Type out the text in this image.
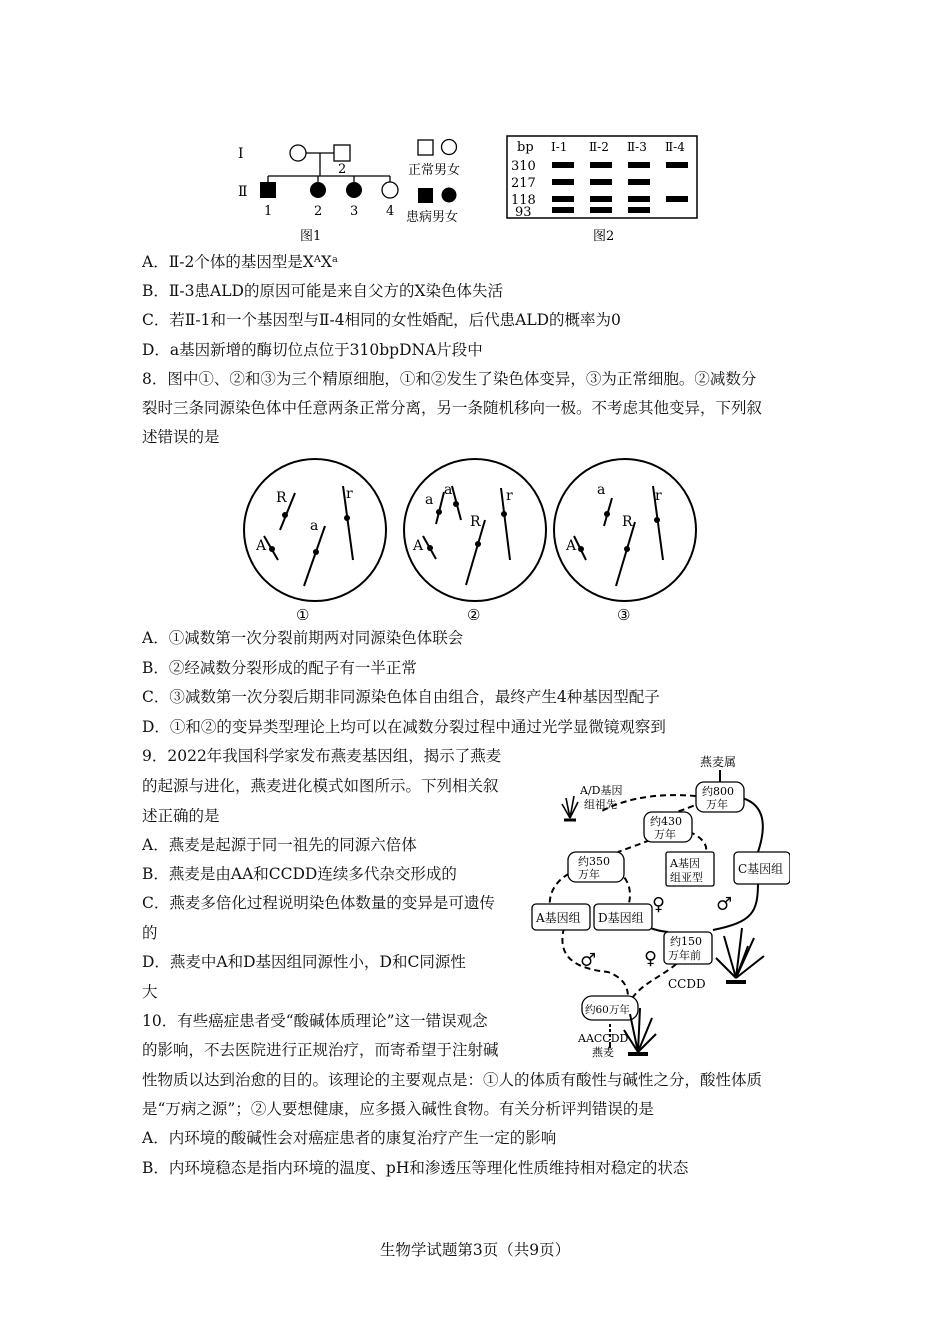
Ⅰ
Ⅱ
2
1	2 3 4
正常男女
患病男女
图1
bp Ⅰ-1 Ⅱ-2 Ⅱ-3 Ⅱ-4
310
217
118
93
图2
A．Ⅱ-2个体的基因型是XᴬXᵃ
B．Ⅱ-3患ALD的原因可能是来自父方的X染色体失活
C．若Ⅱ-1和一个基因型与Ⅱ-4相同的女性婚配，后代患ALD的概率为0
D．a基因新增的酶切位点位于310bpDNA片段中
8．图中①、②和③为三个精原细胞，①和②发生了染色体变异，③为正常细胞。②减数分
裂时三条同源染色体中任意两条正常分离，另一条随机移向一极。不考虑其他变异，下列叙
述错误的是
R
A
a
r	a
a
A
R
r	a
A
R
r
①	②	③
A．①减数第一次分裂前期两对同源染色体联会
B．②经减数分裂形成的配子有一半正常
C．③减数第一次分裂后期非同源染色体自由组合，最终产生4种基因型配子
D．①和②的变异类型理论上均可以在减数分裂过程中通过光学显微镜观察到
9．2022年我国科学家发布燕麦基因组，揭示了燕麦
的起源与进化，燕麦进化模式如图所示。下列相关叙
述正确的是
A．燕麦是起源于同一祖先的同源六倍体
B．燕麦是由AA和CCDD连续多代杂交形成的
C．燕麦多倍化过程说明染色体数量的变异是可遗传
的
D．燕麦中A和D基因组同源性小，D和C同源性
大
燕麦属
约800
万年
A/D基因
组祖先
约430
万年
约350
万年
A基因
组亚型
C基因组
A基因组 D基因组
♀	♂
♂	♀
约150
万年前
CCDD
约60万年
AACCDD
燕麦
10．有些癌症患者受“酸碱体质理论”这一错误观念
的影响，不去医院进行正规治疗，而寄希望于注射碱
性物质以达到治愈的目的。该理论的主要观点是：①人的体质有酸性与碱性之分，酸性体质
是“万病之源”；②人要想健康，应多摄入碱性食物。有关分析评判错误的是
A．内环境的酸碱性会对癌症患者的康复治疗产生一定的影响
B．内环境稳态是指内环境的温度、pH和渗透压等理化性质维持相对稳定的状态
生物学试题第3页（共9页）
